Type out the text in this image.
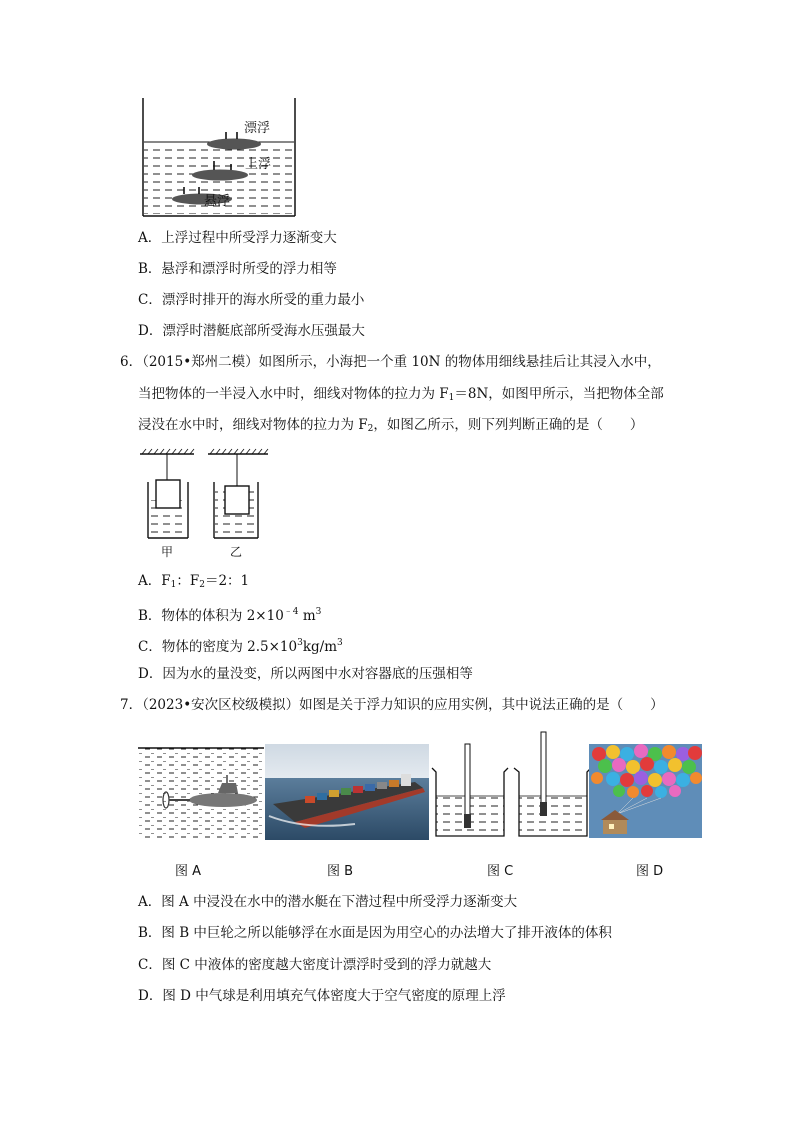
漂浮
上浮
悬浮
A．上浮过程中所受浮力逐渐变大
B．悬浮和漂浮时所受的浮力相等
C．漂浮时排开的海水所受的重力最小
D．漂浮时潜艇底部所受海水压强最大
6．（2015•郑州二模）如图所示，小海把一个重 10N 的物体用细线悬挂后让其浸入水中，
当把物体的一半浸入水中时，细线对物体的拉力为 $F_1=8N$，如图甲所示，当把物体全部
浸没在水中时，细线对物体的拉力为 $F_2$，如图乙所示，则下列判断正确的是（　　）
甲	乙
A．$F_1$：$F_2=2$：1
B．物体的体积为 $2\times 10^{﹣4}$ $m^3$
C．物体的密度为 $2.5\times 10^3kg/m^3$
D．因为水的量没变，所以两图中水对容器底的压强相等
7．（2023•安次区校级模拟）如图是关于浮力知识的应用实例，其中说法正确的是（　　）
图 A	图 B	图 C	图 D
A．图 A 中浸没在水中的潜水艇在下潜过程中所受浮力逐渐变大
B．图 B 中巨轮之所以能够浮在水面是因为用空心的办法增大了排开液体的体积
C．图 C 中液体的密度越大密度计漂浮时受到的浮力就越大
D．图 D 中气球是利用填充气体密度大于空气密度的原理上浮
